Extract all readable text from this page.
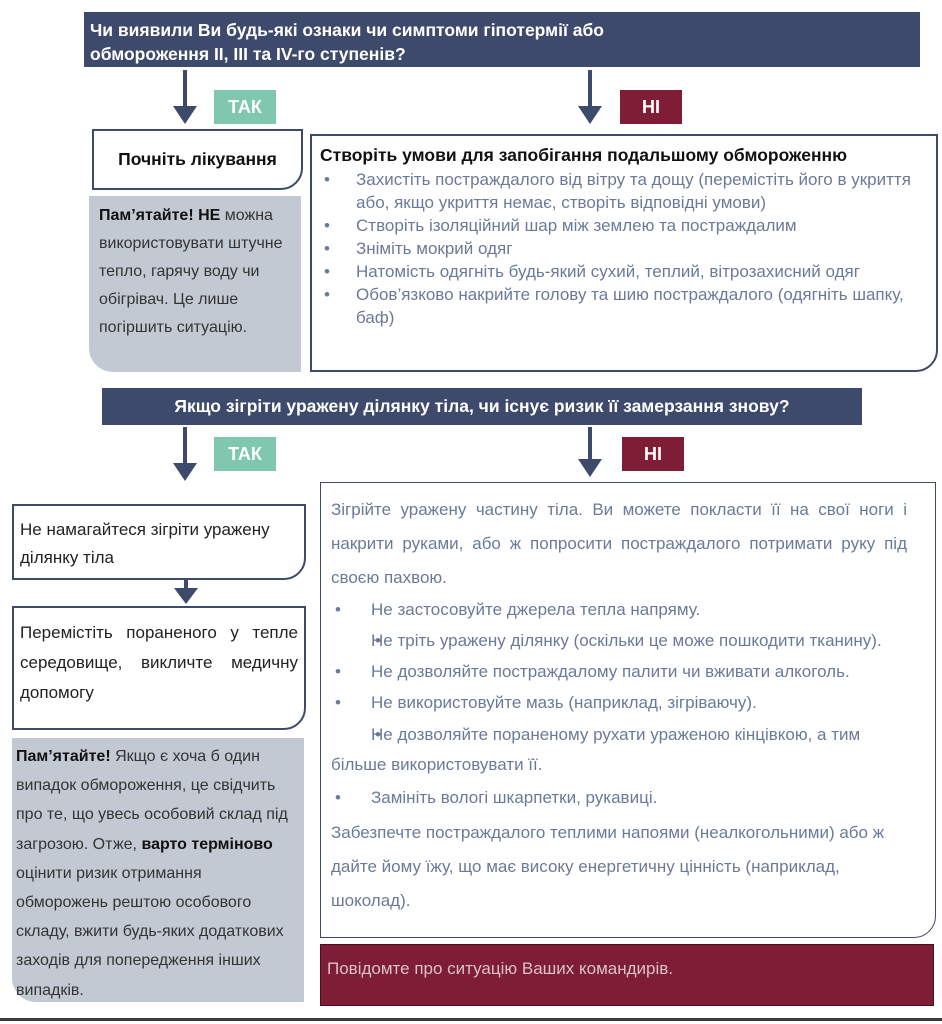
Чи виявили Ви будь-які ознаки чи симптоми гіпотермії або
обмороження II, III та IV-го ступенів?
ТАК	НІ
Почніть лікування
Пам’ятайте! НЕ можна використовувати штучне тепло, гарячу воду чи обігрівач. Це лише погіршить ситуацію.
Створіть умови для запобігання подальшому обмороженню
• Захистіть постраждалого від вітру та дощу (перемістіть його в укриття або, якщо укриття немає, створіть відповідні умови)
• Створіть ізоляційний шар між землею та постраждалим
• Зніміть мокрий одяг
• Натомість одягніть будь-який сухий, теплий, вітрозахисний одяг
• Обов’язково накрийте голову та шию постраждалого (одягніть шапку, баф)
Якщо зігріти уражену ділянку тіла, чи існує ризик її замерзання знову?
ТАК	НІ
Не намагайтеся зігріти уражену ділянку тіла
Перемістіть пораненого у тепле середовище, викличте медичну допомогу
Пам’ятайте! Якщо є хоча б один випадок обмороження, це свідчить про те, що увесь особовий склад під загрозою. Отже, варто терміново оцінити ризик отримання обморожень рештою особового складу, вжити будь-яких додаткових заходів для попередження інших випадків.
Зігрійте уражену частину тіла. Ви можете покласти її на свої ноги і накрити руками, або ж попросити постраждалого потримати руку під своєю пахвою.
• Не застосовуйте джерела тепла напряму.
• Не тріть уражену ділянку (оскільки це може пошкодити тканину).
• Не дозволяйте постраждалому палити чи вживати алкоголь.
• Не використовуйте мазь (наприклад, зігріваючу).
• Не дозволяйте пораненому рухати ураженою кінцівкою, а тим більше використовувати її.
• Замініть вологі шкарпетки, рукавиці.
Забезпечте постраждалого теплими напоями (неалкогольними) або ж дайте йому їжу, що має високу енергетичну цінність (наприклад, шоколад).
Повідомте про ситуацію Ваших командирів.
